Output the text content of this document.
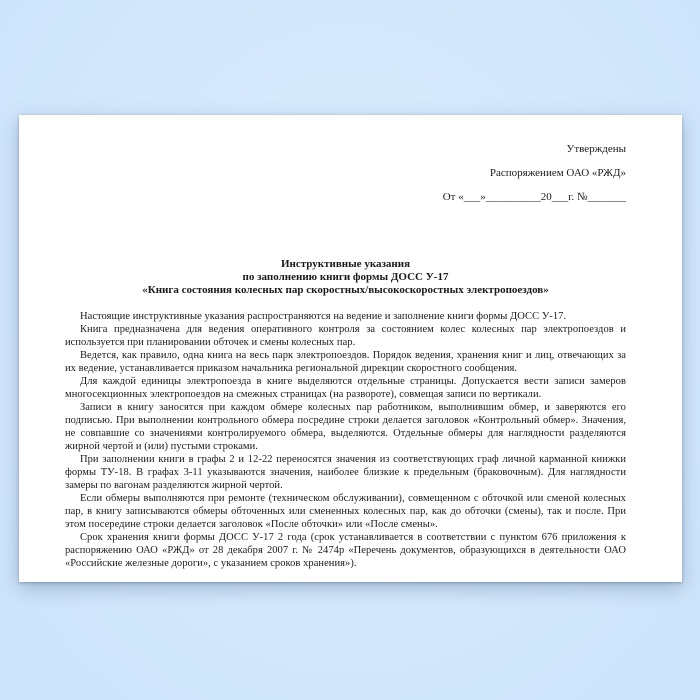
Утверждены
Распоряжением ОАО «РЖД»
От «___»__________20___г. №_______
Инструктивные указания
по заполнению книги формы ДОСС У-17
«Книга состояния колесных пар скоростных/высокоскоростных электропоездов»

Настоящие инструктивные указания распространяются на ведение и заполнение книги формы ДОСС У-17.

Книга предназначена для ведения оперативного контроля за состоянием колес колесных пар электропоездов и используется при планировании обточек и смены колесных пар.

Ведется, как правило, одна книга на весь парк электропоездов. Порядок ведения, хранения книг и лиц, отвечающих за их ведение, устанавливается приказом начальника региональной дирекции скоростного сообщения.

Для каждой единицы электропоезда в книге выделяются отдельные страницы. Допускается вести записи замеров многосекционных электропоездов на смежных страницах (на развороте), совмещая записи по вертикали.

Записи в книгу заносятся при каждом обмере колесных пар работником, выполнившим обмер, и заверяются его подписью. При выполнении контрольного обмера посредине строки делается заголовок «Контрольный обмер». Значения, не совпавшие со значениями контролируемого обмера, выделяются. Отдельные обмеры для наглядности разделяются жирной чертой и (или) пустыми строками.

При заполнении книги в графы 2 и 12-22 переносятся значения из соответствующих граф личной карманной книжки формы ТУ-18. В графах 3-11 указываются значения, наиболее близкие к предельным (браковочным). Для наглядности замеры по вагонам разделяются жирной чертой.

Если обмеры выполняются при ремонте (техническом обслуживании), совмещенном с обточкой или сменой колесных пар, в книгу записываются обмеры обточенных или смененных колесных пар, как до обточки (смены), так и после. При этом посередине строки делается заголовок «После обточки» или «После смены».

Срок хранения книги формы ДОСС У-17 2 года (срок устанавливается в соответствии с пунктом 676 приложения к распоряжению ОАО «РЖД» от 28 декабря 2007 г. № 2474р «Перечень документов, образующихся в деятельности ОАО «Российские железные дороги», с указанием сроков хранения»).
